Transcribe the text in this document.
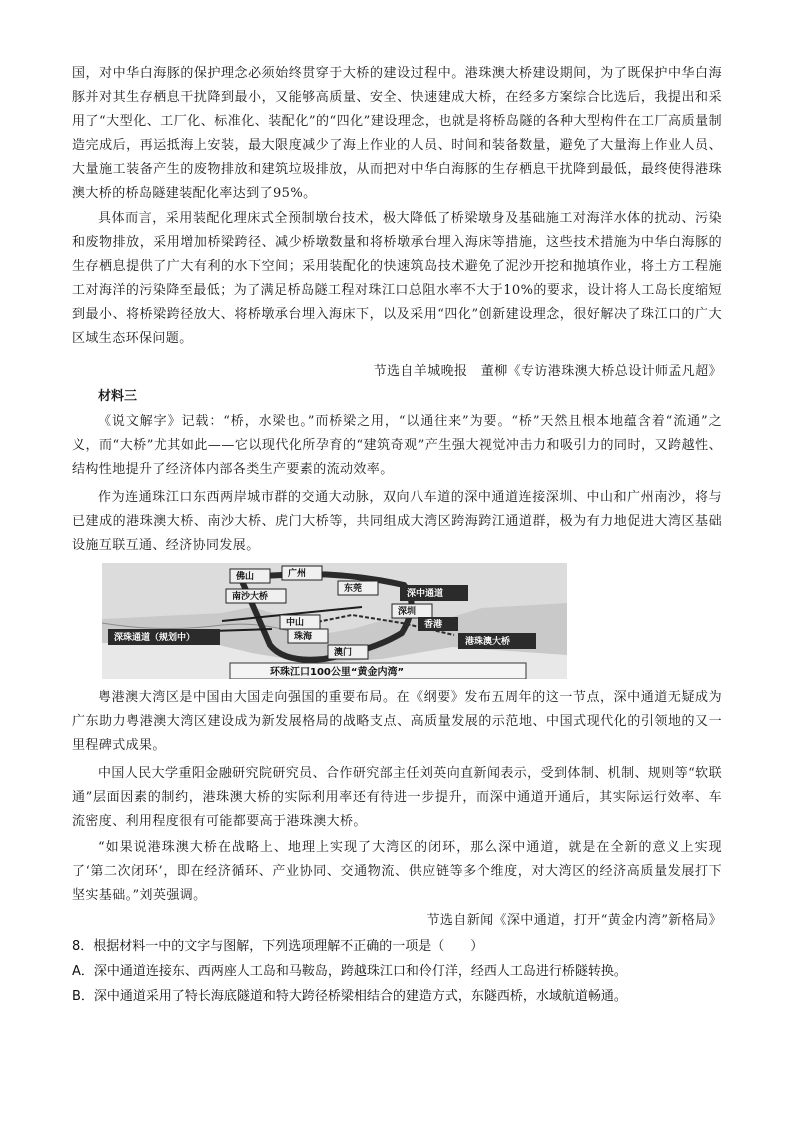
国，对中华白海豚的保护理念必须始终贯穿于大桥的建设过程中。港珠澳大桥建设期间，为了既保护中华白海豚并对其生存栖息干扰降到最小，又能够高质量、安全、快速建成大桥，在经多方案综合比选后，我提出和采用了“大型化、工厂化、标准化、装配化”的“四化”建设理念，也就是将桥岛隧的各种大型构件在工厂高质量制造完成后，再运抵海上安装，最大限度减少了海上作业的人员、时间和装备数量，避免了大量海上作业人员、大量施工装备产生的废物排放和建筑垃圾排放，从而把对中华白海豚的生存栖息干扰降到最低，最终使得港珠澳大桥的桥岛隧建装配化率达到了95%。
具体而言，采用装配化理床式全预制墩台技术，极大降低了桥梁墩身及基础施工对海洋水体的扰动、污染和废物排放，采用增加桥梁跨径、减少桥墩数量和将桥墩承台埋入海床等措施，这些技术措施为中华白海豚的生存栖息提供了广大有利的水下空间；采用装配化的快速筑岛技术避免了泥沙开挖和抛填作业，将土方工程施工对海洋的污染降至最低；为了满足桥岛隧工程对珠江口总阻水率不大于10%的要求，设计将人工岛长度缩短到最小、将桥梁跨径放大、将桥墩承台埋入海床下，以及采用“四化”创新建设理念，很好解决了珠江口的广大区域生态环保问题。
节选自羊城晚报　董柳《专访港珠澳大桥总设计师孟凡超》
材料三
《说文解字》记载：“桥，水梁也。”而桥梁之用，“以通往来”为要。“桥”天然且根本地蕴含着“流通”之义，而“大桥”尤其如此——它以现代化所孕育的“建筑奇观”产生强大视觉冲击力和吸引力的同时，又跨越性、结构性地提升了经济体内部各类生产要素的流动效率。
作为连通珠江口东西两岸城市群的交通大动脉，双向八车道的深中通道连接深圳、中山和广州南沙，将与已建成的港珠澳大桥、南沙大桥、虎门大桥等，共同组成大湾区跨海跨江通道群，极为有力地促进大湾区基础设施互联互通、经济协同发展。
佛山	广州
东莞
南沙大桥	深中通道
深圳
中山	香港
深珠通道（规划中）	珠海	港珠澳大桥
澳门
环珠江口100公里“黄金内湾”
粤港澳大湾区是中国由大国走向强国的重要布局。在《纲要》发布五周年的这一节点，深中通道无疑成为广东助力粤港澳大湾区建设成为新发展格局的战略支点、高质量发展的示范地、中国式现代化的引领地的又一里程碑式成果。
中国人民大学重阳金融研究院研究员、合作研究部主任刘英向直新闻表示，受到体制、机制、规则等“软联通”层面因素的制约，港珠澳大桥的实际利用率还有待进一步提升，而深中通道开通后，其实际运行效率、车流密度、利用程度很有可能都要高于港珠澳大桥。
“如果说港珠澳大桥在战略上、地理上实现了大湾区的闭环，那么深中通道，就是在全新的意义上实现了‘第二次闭环’，即在经济循环、产业协同、交通物流、供应链等多个维度，对大湾区的经济高质量发展打下坚实基础。”刘英强调。
节选自新闻《深中通道，打开“黄金内湾”新格局》
8．根据材料一中的文字与图解，下列选项理解不正确的一项是（　　）
A．深中通道连接东、西两座人工岛和马鞍岛，跨越珠江口和伶仃洋，经西人工岛进行桥隧转换。
B．深中通道采用了特长海底隧道和特大跨径桥梁相结合的建造方式，东隧西桥，水域航道畅通。
